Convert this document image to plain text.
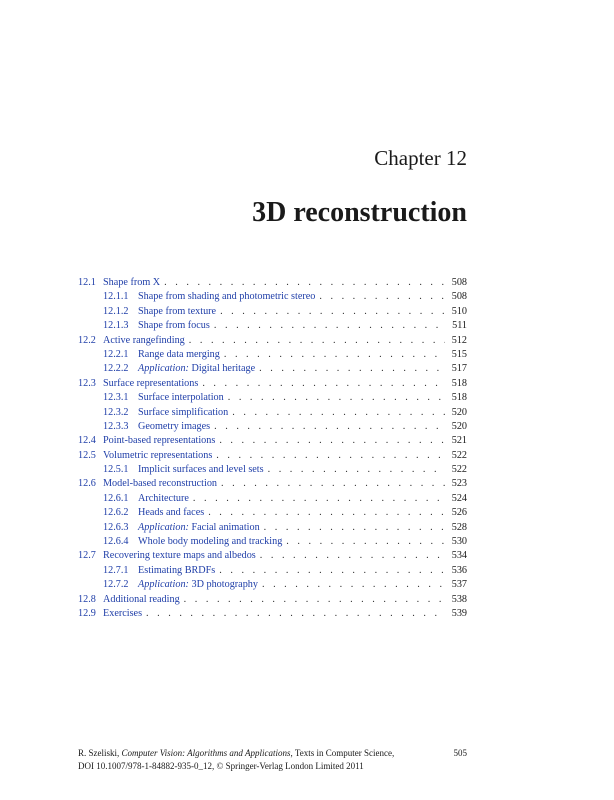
Chapter 12
3D reconstruction
12.1 Shape from X . . .	508
12.1.1 Shape from shading and photometric stereo . . .	508
12.1.2 Shape from texture . . .	510
12.1.3 Shape from focus . . .	511
12.2 Active rangefinding . . .	512
12.2.1 Range data merging . . .	515
12.2.2 Application: Digital heritage . . .	517
12.3 Surface representations . . .	518
12.3.1 Surface interpolation . . .	518
12.3.2 Surface simplification . . .	520
12.3.3 Geometry images . . .	520
12.4 Point-based representations . . .	521
12.5 Volumetric representations . . .	522
12.5.1 Implicit surfaces and level sets . . .	522
12.6 Model-based reconstruction . . .	523
12.6.1 Architecture . . .	524
12.6.2 Heads and faces . . .	526
12.6.3 Application: Facial animation . . .	528
12.6.4 Whole body modeling and tracking . . .	530
12.7 Recovering texture maps and albedos . . .	534
12.7.1 Estimating BRDFs . . .	536
12.7.2 Application: 3D photography . . .	537
12.8 Additional reading . . .	538
12.9 Exercises . . .	539
R. Szeliski, Computer Vision: Algorithms and Applications, Texts in Computer Science,	505
DOI 10.1007/978-1-84882-935-0_12, © Springer-Verlag London Limited 2011
